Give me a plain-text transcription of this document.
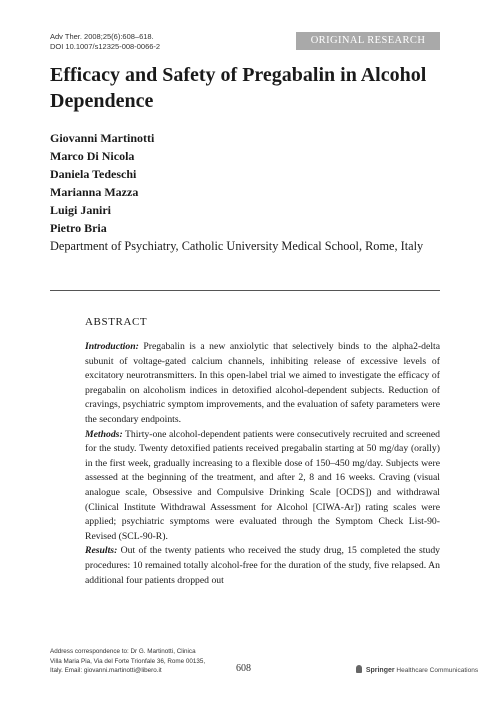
Adv Ther. 2008;25(6):608–618.
DOI 10.1007/s12325-008-0066-2
ORIGINAL RESEARCH
Efficacy and Safety of Pregabalin in Alcohol Dependence
Giovanni Martinotti
Marco Di Nicola
Daniela Tedeschi
Marianna Mazza
Luigi Janiri
Pietro Bria
Department of Psychiatry, Catholic University Medical School, Rome, Italy
ABSTRACT

Introduction: Pregabalin is a new anxiolytic that selectively binds to the alpha2-delta subunit of voltage-gated calcium channels, inhibiting release of excessive levels of excitatory neurotransmitters. In this open-label trial we aimed to investigate the efficacy of pregabalin on alcoholism indices in detoxified alcohol-dependent subjects. Reduction of cravings, psychiatric symptom improvements, and the evaluation of safety parameters were the secondary endpoints.

Methods: Thirty-one alcohol-dependent patients were consecutively recruited and screened for the study. Twenty detoxified patients received pregabalin starting at 50 mg/day (orally) in the first week, gradually increasing to a flexible dose of 150–450 mg/day. Subjects were assessed at the beginning of the treatment, and after 2, 8 and 16 weeks. Craving (visual analogue scale, Obsessive and Compulsive Drinking Scale [OCDS]) and withdrawal (Clinical Institute Withdrawal Assessment for Alcohol [CIWA-Ar]) rating scales were applied; psychiatric symptoms were evaluated through the Symptom Check List-90-Revised (SCL-90-R).

Results: Out of the twenty patients who received the study drug, 15 completed the study procedures: 10 remained totally alcohol-free for the duration of the study, five relapsed. An additional four patients dropped out

Address correspondence to: Dr G. Martinotti, Clinica
Villa Maria Pia, Via del Forte Trionfale 36, Rome 00135,
Italy. Email: giovanni.martinotti@libero.it	608	Springer Healthcare Communications
